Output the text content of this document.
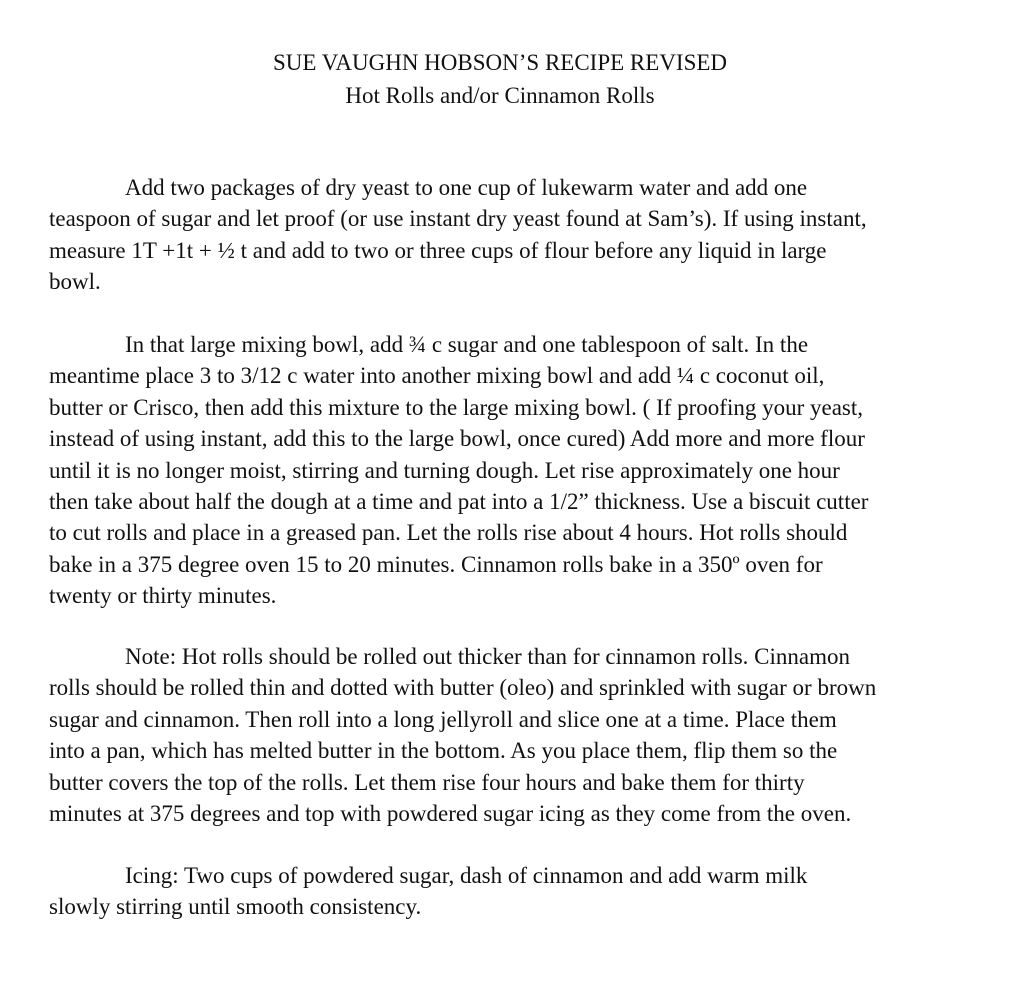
SUE VAUGHN HOBSON’S RECIPE REVISED
Hot Rolls and/or Cinnamon Rolls
Add two packages of dry yeast to one cup of lukewarm water and add one
teaspoon of sugar and let proof (or use instant dry yeast found at Sam’s). If using instant,
measure 1T +1t + ½ t and add to two or three cups of flour before any liquid in large
bowl.
In that large mixing bowl, add ¾ c sugar and one tablespoon of salt. In the
meantime place 3 to 3/12 c water into another mixing bowl and add ¼ c coconut oil,
butter or Crisco, then add this mixture to the large mixing bowl. ( If proofing your yeast,
instead of using instant, add this to the large bowl, once cured) Add more and more flour
until it is no longer moist, stirring and turning dough. Let rise approximately one hour
then take about half the dough at a time and pat into a 1/2” thickness. Use a biscuit cutter
to cut rolls and place in a greased pan. Let the rolls rise about 4 hours. Hot rolls should
bake in a 375 degree oven 15 to 20 minutes. Cinnamon rolls bake in a 350º oven for
twenty or thirty minutes.
Note: Hot rolls should be rolled out thicker than for cinnamon rolls. Cinnamon
rolls should be rolled thin and dotted with butter (oleo) and sprinkled with sugar or brown
sugar and cinnamon. Then roll into a long jellyroll and slice one at a time. Place them
into a pan, which has melted butter in the bottom. As you place them, flip them so the
butter covers the top of the rolls. Let them rise four hours and bake them for thirty
minutes at 375 degrees and top with powdered sugar icing as they come from the oven.
Icing: Two cups of powdered sugar, dash of cinnamon and add warm milk
slowly stirring until smooth consistency.
